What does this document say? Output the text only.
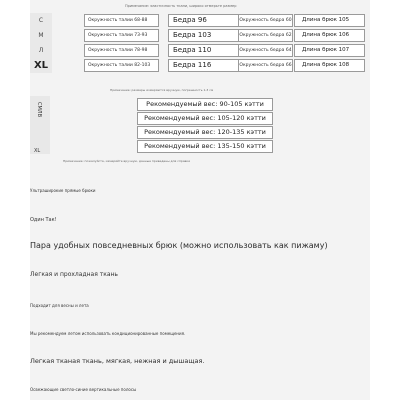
Примечание: эластичность ткани, широко отмерьте размер
С	Окружность талии 68-88	Бедра 96	Окружность бедра 60	Длина брюк 105
М	Окружность талии 73-93	Бедра 103	Окружность бедра 62	Длина брюк 106
Л	Окружность талии 78-98	Бедра 110	Окружность бедра 64	Длина брюк 107
XL	Окружность талии 82-103	Бедра 116	Окружность бедра 66	Длина брюк 108
Примечание: размеры измеряются вручную, погрешность 1-3 см
СМЛВ
XL
Рекомендуемый вес: 90-105 кэтти
Рекомендуемый вес: 105-120 кэтти
Рекомендуемый вес: 120-135 кэтти
Рекомендуемый вес: 135-150 кэтти
Примечание: пожалуйста, измеряйте вручную, данные приведены для справки
Ультраширокие прямые брюки
Один Так!
Пара удобных повседневных брюк (можно использовать как пижаму)
Легкая и прохладная ткань
Подходит для весны и лета
Мы рекомендуем летом использовать кондиционированные помещения.
Легкая тканая ткань, мягкая, нежная и дышащая.
Освежающие светло-синие вертикальные полосы
